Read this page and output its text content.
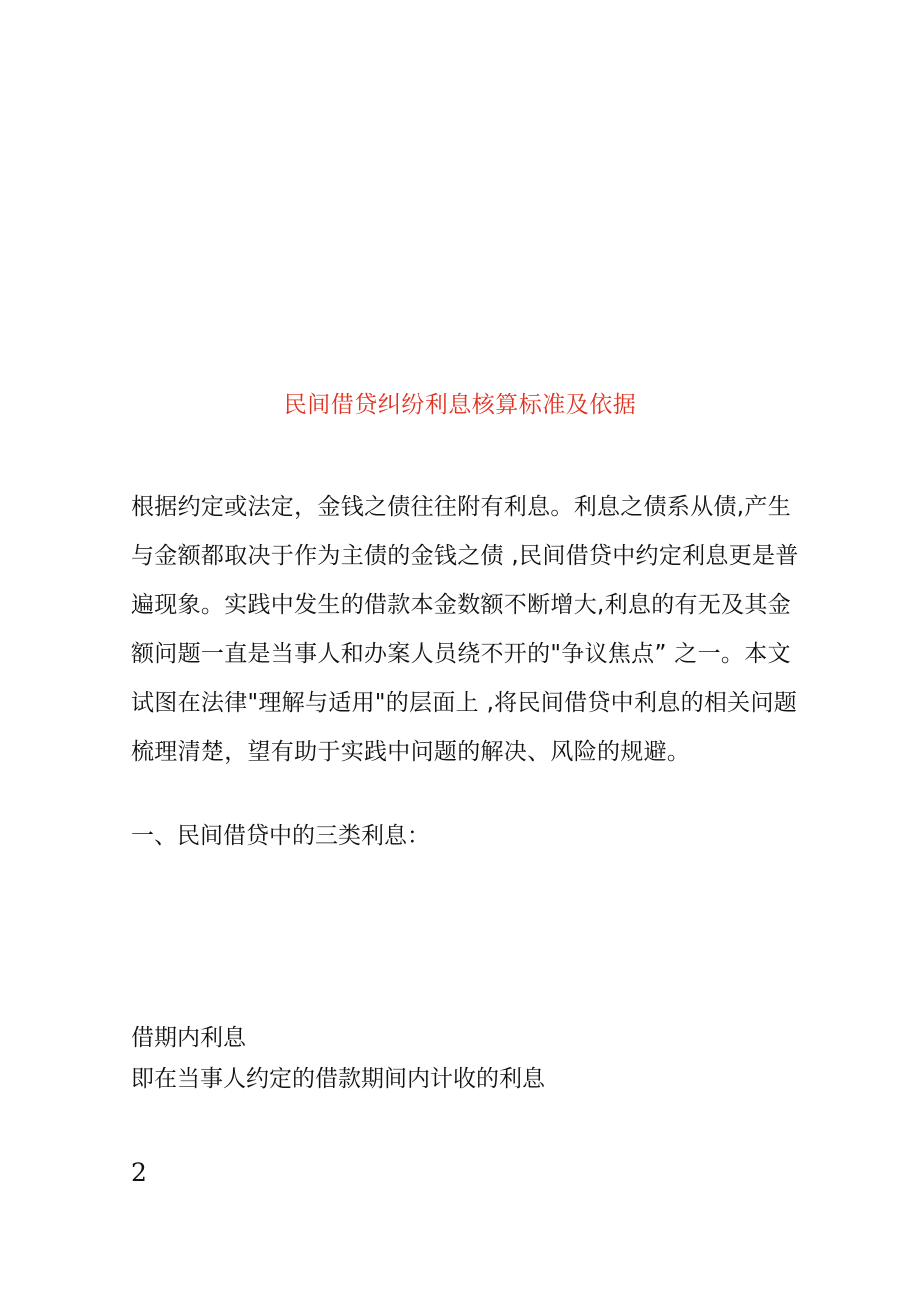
民间借贷纠纷利息核算标准及依据
根据约定或法定，金钱之债往往附有利息。利息之债系从债,产生
与金额都取决于作为主债的金钱之债 ,民间借贷中约定利息更是普
遍现象。实践中发生的借款本金数额不断增大,利息的有无及其金
额问题一直是当事人和办案人员绕不开的"争议焦点” 之一。本文
试图在法律"理解与适用"的层面上 ,将民间借贷中利息的相关问题
梳理清楚，望有助于实践中问题的解决、风险的规避。
一、民间借贷中的三类利息：
借期内利息
即在当事人约定的借款期间内计收的利息
2
